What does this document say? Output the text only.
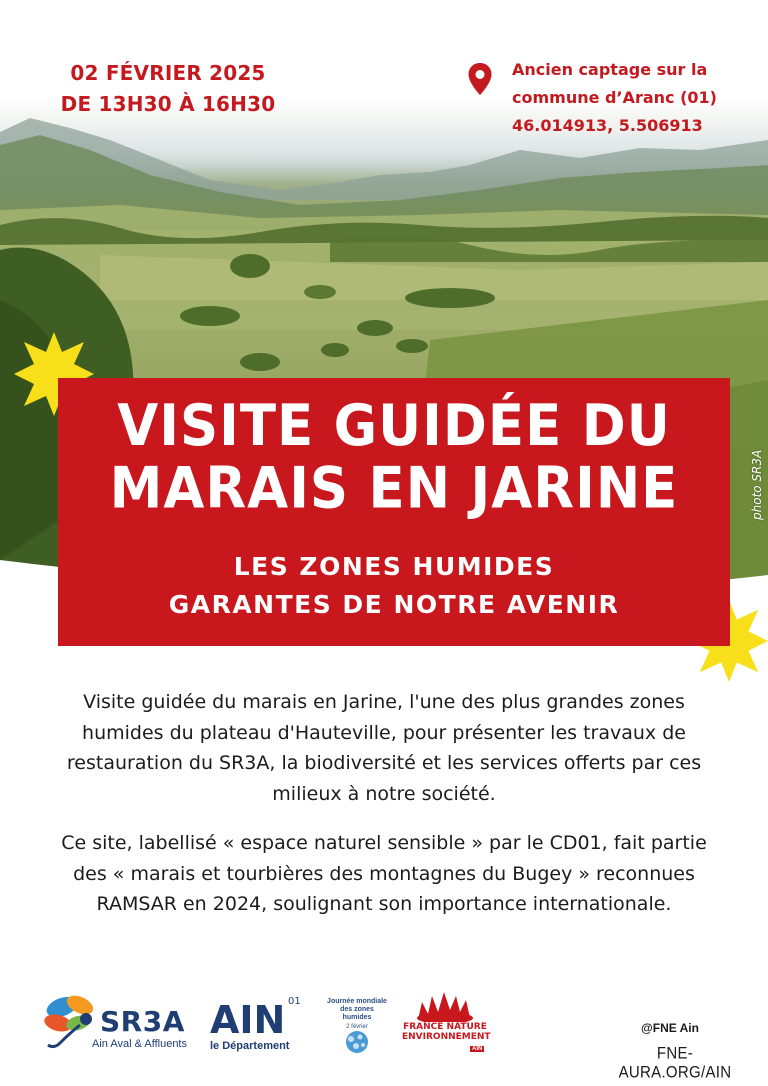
02 FÉVRIER 2025
DE 13H30 À 16H30
Ancien captage sur la
commune d’Aranc (01)
46.014913, 5.506913
VISITE GUIDÉE DU
MARAIS EN JARINE
LES ZONES HUMIDES
GARANTES DE NOTRE AVENIR
photo SR3A

Visite guidée du marais en Jarine, l'une des plus grandes zones humides du plateau d'Hauteville, pour présenter les travaux de restauration du SR3A, la biodiversité et les services offerts par ces milieux à notre société.

Ce site, labellisé « espace naturel sensible » par le CD01, fait partie des « marais et tourbières des montagnes du Bugey » reconnues RAMSAR en 2024, soulignant son importance internationale.

SR3A
Ain Aval & Affluents
AIN 01
le Département
Journée mondiale des zones humides
2 février	FRANCE NATURE ENVIRONNEMENT
AIN
@FNE Ain
FNE-AURA.ORG/AIN
